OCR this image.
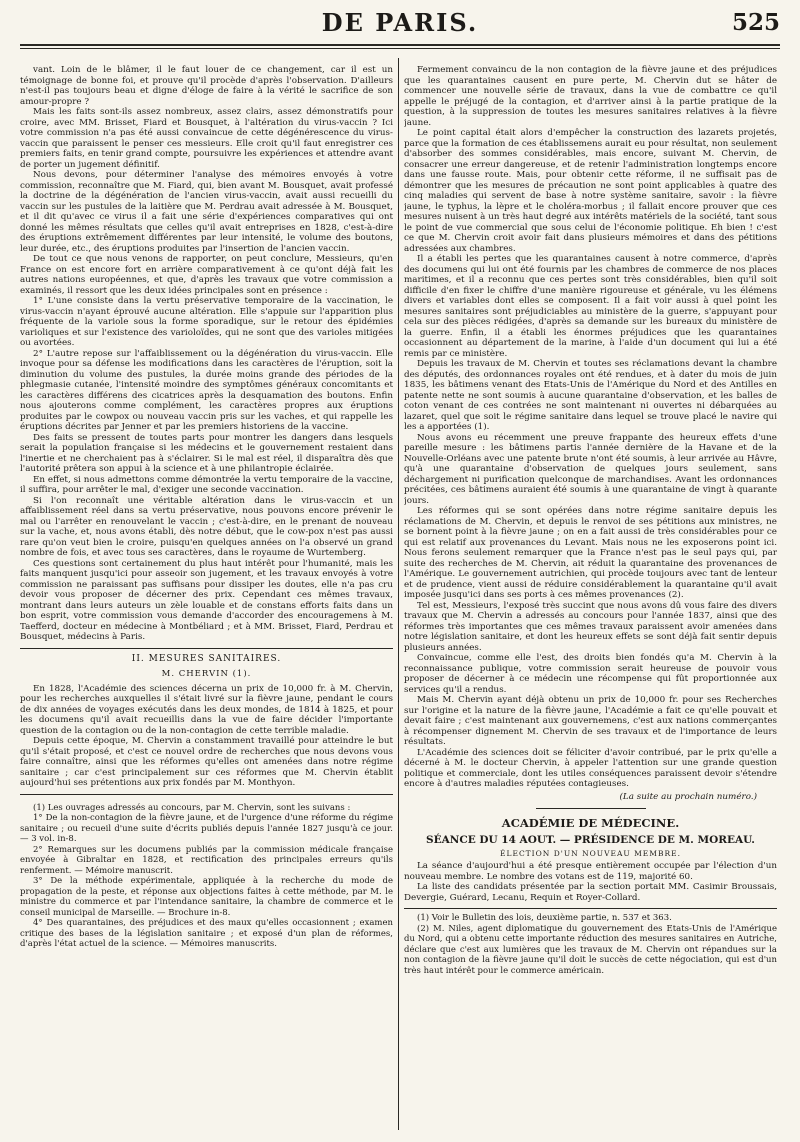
DE PARIS.	525

vant. Loin de le blâmer, il le faut louer de ce changement, car il est un témoignage de bonne foi, et prouve qu'il procède d'après l'observation. D'ailleurs n'est-il pas toujours beau et digne d'éloge de faire à la vérité le sacrifice de son amour-propre ?

Mais les faits sont-ils assez nombreux, assez clairs, assez démonstratifs pour croire, avec MM. Brisset, Fiard et Bousquet, à l'altération du virus-vaccin ? Ici votre commission n'a pas été aussi convaincue de cette dégénérescence du virus-vaccin que paraissent le penser ces messieurs. Elle croit qu'il faut enregistrer ces premiers faits, en tenir grand compte, poursuivre les expériences et attendre avant de porter un jugement définitif.

Nous devons, pour déterminer l'analyse des mémoires envoyés à votre commission, reconnaître que M. Fiard, qui, bien avant M. Bousquet, avait professé la doctrine de la dégénération de l'ancien virus-vaccin, avait aussi recueilli du vaccin sur les pustules de la laitière que M. Perdrau avait adressée à M. Bousquet, et il dit qu'avec ce virus il a fait une série d'expériences comparatives qui ont donné les mêmes résultats que celles qu'il avait entreprises en 1828, c'est-à-dire des éruptions extrêmement différentes par leur intensité, le volume des boutons, leur durée, etc., des éruptions produites par l'insertion de l'ancien vaccin.

De tout ce que nous venons de rapporter, on peut conclure, Messieurs, qu'en France on est encore fort en arrière comparativement à ce qu'ont déjà fait les autres nations européennes, et que, d'après les travaux que votre commission a examinés, il ressort que les deux idées principales sont en présence :

1° L'une consiste dans la vertu préservative temporaire de la vaccination, le virus-vaccin n'ayant éprouvé aucune altération. Elle s'appuie sur l'apparition plus fréquente de la variole sous la forme sporadique, sur le retour des épidémies varioliques et sur l'existence des varioloïdes, qui ne sont que des varioles mitigées ou avortées.

2° L'autre repose sur l'affaiblissement ou la dégénération du virus-vaccin. Elle invoque pour sa défense les modifications dans les caractères de l'éruption, soit la diminution du volume des pustules, la durée moins grande des périodes de la phlegmasie cutanée, l'intensité moindre des symptômes généraux concomitants et les caractères différens des cicatrices après la desquamation des boutons. Enfin nous ajouterons comme complément, les caractères propres aux éruptions produites par le cowpox ou nouveau vaccin pris sur les vaches, et qui rappelle les éruptions décrites par Jenner et par les premiers historiens de la vaccine.

Des faits se pressent de toutes parts pour montrer les dangers dans lesquels serait la population française si les médecins et le gouvernement restaient dans l'inertie et ne cherchaient pas à s'éclairer. Si le mal est réel, il disparaîtra dès que l'autorité prêtera son appui à la science et à une philantropie éclairée.

En effet, si nous admettons comme démontrée la vertu temporaire de la vaccine, il suffira, pour arrêter le mal, d'exiger une seconde vaccination.

Si l'on reconnaît une véritable altération dans le virus-vaccin et un affaiblissement réel dans sa vertu préservative, nous pouvons encore prévenir le mal ou l'arrêter en renouvelant le vaccin ; c'est-à-dire, en le prenant de nouveau sur la vache, et, nous avons établi, dès notre début, que le cow-pox n'est pas aussi rare qu'on veut bien le croire, puisqu'en quelques années on l'a observé un grand nombre de fois, et avec tous ses caractères, dans le royaume de Wurtemberg.

Ces questions sont certainement du plus haut intérêt pour l'humanité, mais les faits manquent jusqu'ici pour asseoir son jugement, et les travaux envoyés à votre commission ne paraissant pas suffisans pour dissiper les doutes, elle n'a pas cru devoir vous proposer de décerner des prix. Cependant ces mêmes travaux, montrant dans leurs auteurs un zèle louable et de constans efforts faits dans un bon esprit, votre commission vous demande d'accorder des encouragemens à M. Taefferd, docteur en médecine à Montbéliard ; et à MM. Brisset, Fiard, Perdrau et Bousquet, médecins à Paris.

II. MESURES SANITAIRES.

M. CHERVIN (1).

En 1828, l'Académie des sciences décerna un prix de 10,000 fr. à M. Chervin, pour les recherches auxquelles il s'était livré sur la fièvre jaune, pendant le cours de dix années de voyages exécutés dans les deux mondes, de 1814 à 1825, et pour les documens qu'il avait recueillis dans la vue de faire décider l'importante question de la contagion ou de la non-contagion de cette terrible maladie.

Depuis cette époque, M. Chervin a constamment travaillé pour atteindre le but qu'il s'était proposé, et c'est ce nouvel ordre de recherches que nous devons vous faire connaître, ainsi que les réformes qu'elles ont amenées dans notre régime sanitaire ; car c'est principalement sur ces réformes que M. Chervin établit aujourd'hui ses prétentions aux prix fondés par M. Monthyon.

(1) Les ouvrages adressés au concours, par M. Chervin, sont les suivans :

1° De la non-contagion de la fièvre jaune, et de l'urgence d'une réforme du régime sanitaire ; ou recueil d'une suite d'écrits publiés depuis l'année 1827 jusqu'à ce jour. — 3 vol. in-8.

2° Remarques sur les documens publiés par la commission médicale française envoyée à Gibraltar en 1828, et rectification des principales erreurs qu'ils renferment. — Mémoire manuscrit.

3° De la méthode expérimentale, appliquée à la recherche du mode de propagation de la peste, et réponse aux objections faites à cette méthode, par M. le ministre du commerce et par l'intendance sanitaire, la chambre de commerce et le conseil municipal de Marseille. — Brochure in-8.

4° Des quarantaines, des préjudices et des maux qu'elles occasionnent ; examen critique des bases de la législation sanitaire ; et exposé d'un plan de réformes, d'après l'état actuel de la science. — Mémoires manuscrits.

Fermement convaincu de la non contagion de la fièvre jaune et des préjudices que les quarantaines causent en pure perte, M. Chervin dut se hâter de commencer une nouvelle série de travaux, dans la vue de combattre ce qu'il appelle le préjugé de la contagion, et d'arriver ainsi à la partie pratique de la question, à la suppression de toutes les mesures sanitaires relatives à la fièvre jaune.

Le point capital était alors d'empêcher la construction des lazarets projetés, parce que la formation de ces établissemens aurait eu pour résultat, non seulement d'absorber des sommes considérables, mais encore, suivant M. Chervin, de consacrer une erreur dangereuse, et de retenir l'administration longtemps encore dans une fausse route. Mais, pour obtenir cette réforme, il ne suffisait pas de démontrer que les mesures de précaution ne sont point applicables à quatre des cinq maladies qui servent de base à notre système sanitaire, savoir : la fièvre jaune, le typhus, la lèpre et le choléra-morbus ; il fallait encore prouver que ces mesures nuisent à un très haut degré aux intérêts matériels de la société, tant sous le point de vue commercial que sous celui de l'économie politique. Eh bien ! c'est ce que M. Chervin croit avoir fait dans plusieurs mémoires et dans des pétitions adressées aux chambres.

Il a établi les pertes que les quarantaines causent à notre commerce, d'après des documens qui lui ont été fournis par les chambres de commerce de nos places maritimes, et il a reconnu que ces pertes sont très considérables, bien qu'il soit difficile d'en fixer le chiffre d'une manière rigoureuse et générale, vu les élémens divers et variables dont elles se composent. Il a fait voir aussi à quel point les mesures sanitaires sont préjudiciables au ministère de la guerre, s'appuyant pour cela sur des pièces rédigées, d'après sa demande sur les bureaux du ministère de la guerre. Enfin, il a établi les énormes préjudices que les quarantaines occasionnent au département de la marine, à l'aide d'un document qui lui a été remis par ce ministère.

Depuis les travaux de M. Chervin et toutes ses réclamations devant la chambre des députés, des ordonnances royales ont été rendues, et à dater du mois de juin 1835, les bâtimens venant des Etats-Unis de l'Amérique du Nord et des Antilles en patente nette ne sont soumis à aucune quarantaine d'observation, et les balles de coton venant de ces contrées ne sont maintenant ni ouvertes ni débarquées au lazaret, quel que soit le régime sanitaire dans lequel se trouve placé le navire qui les a apportées (1).

Nous avons eu récemment une preuve frappante des heureux effets d'une pareille mesure : les bâtimens partis l'année dernière de la Havane et de la Nouvelle-Orléans avec une patente brute n'ont été soumis, à leur arrivée au Hâvre, qu'à une quarantaine d'observation de quelques jours seulement, sans déchargement ni purification quelconque de marchandises. Avant les ordonnances précitées, ces bâtimens auraient été soumis à une quarantaine de vingt à quarante jours.

Les réformes qui se sont opérées dans notre régime sanitaire depuis les réclamations de M. Chervin, et depuis le renvoi de ses pétitions aux ministres, ne se bornent point à la fièvre jaune ; on en a fait aussi de très considérables pour ce qui est relatif aux provenances du Levant. Mais nous ne les exposerons point ici. Nous ferons seulement remarquer que la France n'est pas le seul pays qui, par suite des recherches de M. Chervin, ait réduit la quarantaine des provenances de l'Amérique. Le gouvernement autrichien, qui procède toujours avec tant de lenteur et de prudence, vient aussi de réduire considérablement la quarantaine qu'il avait imposée jusqu'ici dans ses ports à ces mêmes provenances (2).

Tel est, Messieurs, l'exposé très succint que nous avons dû vous faire des divers travaux que M. Chervin a adressés au concours pour l'année 1837, ainsi que des réformes très importantes que ces mêmes travaux paraissent avoir amenées dans notre législation sanitaire, et dont les heureux effets se sont déjà fait sentir depuis plusieurs années.

Convaincue, comme elle l'est, des droits bien fondés qu'a M. Chervin à la reconnaissance publique, votre commission serait heureuse de pouvoir vous proposer de décerner à ce médecin une récompense qui fût proportionnée aux services qu'il a rendus.

Mais M. Chervin ayant déjà obtenu un prix de 10,000 fr. pour ses Recherches sur l'origine et la nature de la fièvre jaune, l'Académie a fait ce qu'elle pouvait et devait faire ; c'est maintenant aux gouvernemens, c'est aux nations commerçantes à récompenser dignement M. Chervin de ses travaux et de l'importance de leurs résultats.

L'Académie des sciences doit se féliciter d'avoir contribué, par le prix qu'elle a décerné à M. le docteur Chervin, à appeler l'attention sur une grande question politique et commerciale, dont les utiles conséquences paraissent devoir s'étendre encore à d'autres maladies réputées contagieuses.

(La suite au prochain numéro.)

ACADÉMIE DE MÉDECINE.

SÉANCE DU 14 AOUT. — PRÉSIDENCE DE M. MOREAU.

ÉLECTION D'UN NOUVEAU MEMBRE.

La séance d'aujourd'hui a été presque entièrement occupée par l'élection d'un nouveau membre. Le nombre des votans est de 119, majorité 60.

La liste des candidats présentée par la section portait MM. Casimir Broussais, Devergie, Guérard, Lecanu, Requin et Royer-Collard.

(1) Voir le Bulletin des lois, deuxième partie, n. 537 et 363.

(2) M. Niles, agent diplomatique du gouvernement des Etats-Unis de l'Amérique du Nord, qui a obtenu cette importante réduction des mesures sanitaires en Autriche, déclare que c'est aux lumières que les travaux de M. Chervin ont répandues sur la non contagion de la fièvre jaune qu'il doit le succès de cette négociation, qui est d'un très haut intérêt pour le commerce américain.
